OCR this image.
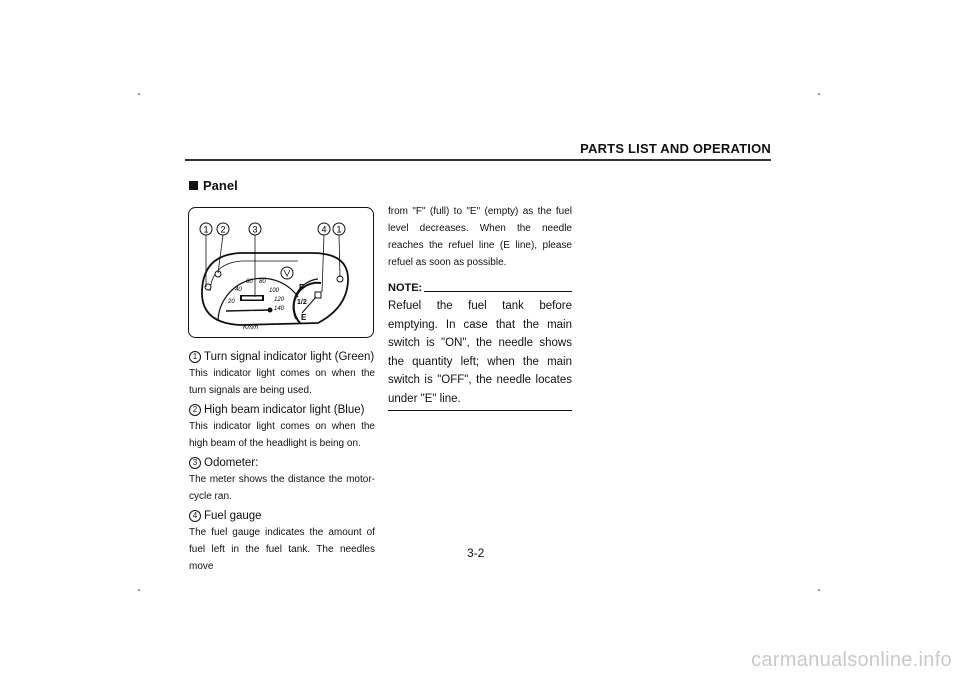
PARTS LIST AND OPERATION
Panel
1 2	3	4 1
20
40
60 80
100
120
140
Km/h
F
1/2
E
1 Turn signal indicator light (Green)
This indicator light comes on when the turn signals are being used.
2 High beam indicator light (Blue)
This indicator light comes on when the high beam of the headlight is being on.
3 Odometer:
The meter shows the distance the motor-cycle ran.
4 Fuel gauge
The fuel gauge indicates the amount of fuel left in the fuel tank. The needles move
from "F" (full) to "E" (empty) as the fuel level decreases. When the needle reaches the refuel line (E line), please refuel as soon as possible.
NOTE:
Refuel the fuel tank before emptying. In case that the main switch is "ON", the needle shows the quantity left; when the main switch is "OFF", the needle locates under "E" line.
3-2
carmanualsonline.info
